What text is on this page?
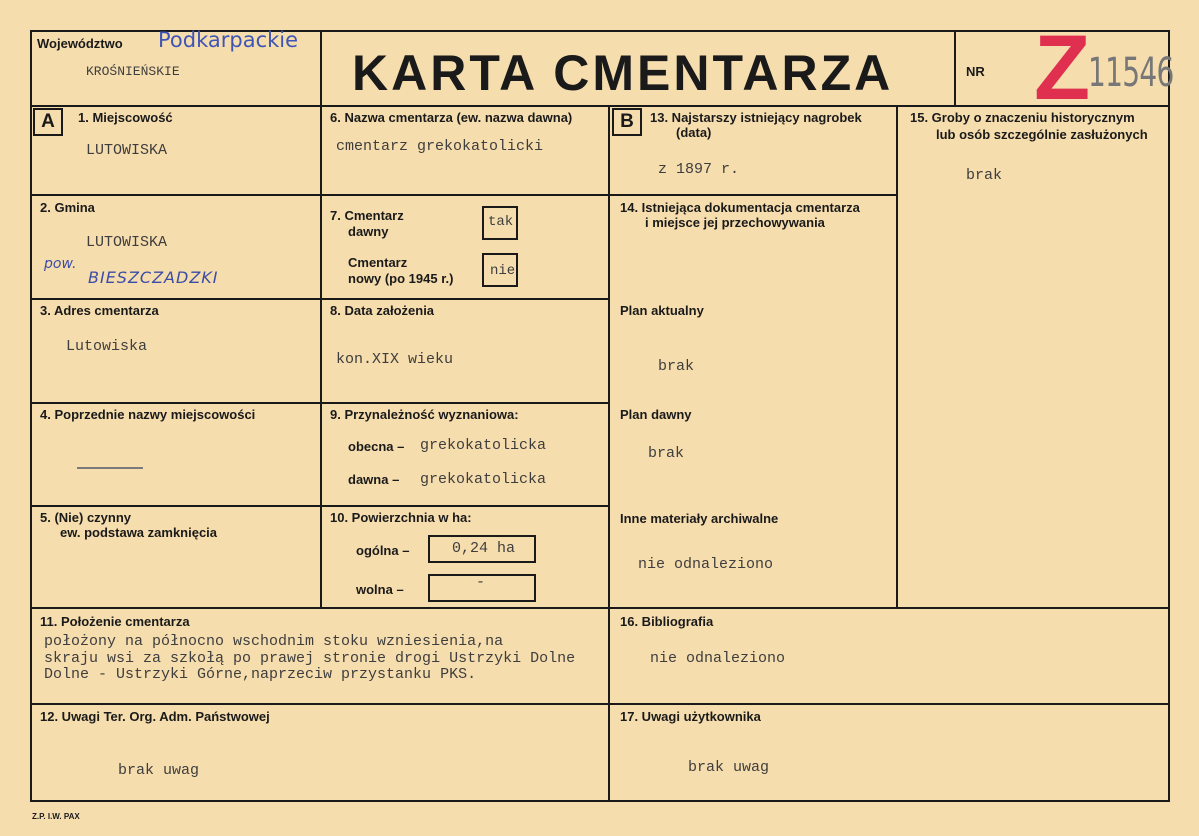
Województwo Podkarpackie
KROŚNIEŃSKIE	KARTA CMENTARZA	NR Z
11546
A	B
1. Miejscowość
LUTOWISKA
2. Gmina
LUTOWISKA
pow.
BIESZCZADZKI
3. Adres cmentarza
Lutowiska
4. Poprzednie nazwy miejscowości
5. (Nie) czynny
ew. podstawa zamknięcia
6. Nazwa cmentarza (ew. nazwa dawna)
cmentarz grekokatolicki
7. Cmentarz
dawny
tak
Cmentarz
nowy (po 1945 r.)	nie
8. Data założenia
kon.XIX wieku
9. Przynależność wyznaniowa:
obecna – grekokatolicka
dawna – grekokatolicka
10. Powierzchnia w ha:
ogólna –	0,24 ha
wolna –	-
13. Najstarszy istniejący nagrobek
(data)
z 1897 r.
14. Istniejąca dokumentacja cmentarza
i miejsce jej przechowywania
Plan aktualny
brak
Plan dawny
brak
Inne materiały archiwalne
nie odnaleziono
15. Groby o znaczeniu historycznym
lub osób szczególnie zasłużonych
brak
11. Położenie cmentarza
położony na północno wschodnim stoku wzniesienia,na
skraju wsi za szkołą po prawej stronie drogi Ustrzyki Dolne
Dolne - Ustrzyki Górne,naprzeciw przystanku PKS.
16. Bibliografia
nie odnaleziono
12. Uwagi Ter. Org. Adm. Państwowej
brak uwag
17. Uwagi użytkownika
brak uwag
Z.P. I.W. PAX
